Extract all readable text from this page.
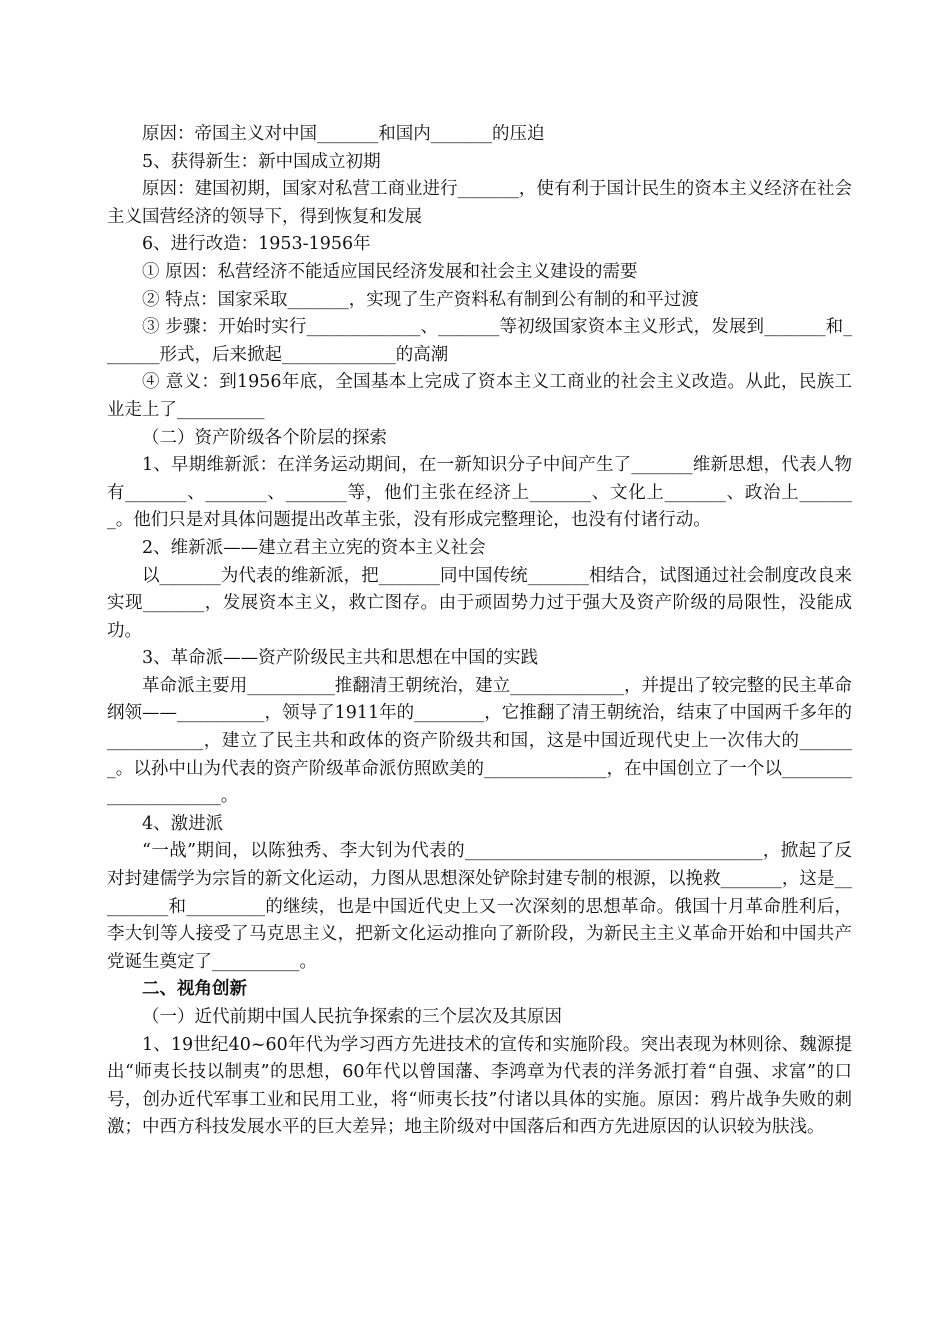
原因：帝国主义对中国_______和国内_______的压迫

5、获得新生：新中国成立初期

原因：建国初期，国家对私营工商业进行_______，使有利于国计民生的资本主义经济在社会主义国营经济的领导下，得到恢复和发展

6、进行改造：1953-1956年

① 原因：私营经济不能适应国民经济发展和社会主义建设的需要

② 特点：国家采取_______，实现了生产资料私有制到公有制的和平过渡

③ 步骤：开始时实行_____________、_______等初级国家资本主义形式，发展到_______和_______形式，后来掀起_____________的高潮

④ 意义：到1956年底，全国基本上完成了资本主义工商业的社会主义改造。从此，民族工业走上了__________

（二）资产阶级各个阶层的探索

1、早期维新派：在洋务运动期间，在一新知识分子中间产生了_______维新思想，代表人物有_______、_______、_______等，他们主张在经济上_______、文化上_______、政治上_______。他们只是对具体问题提出改革主张，没有形成完整理论，也没有付诸行动。

2、维新派——建立君主立宪的资本主义社会

以_______为代表的维新派，把_______同中国传统_______相结合，试图通过社会制度改良来实现_______，发展资本主义，救亡图存。由于顽固势力过于强大及资产阶级的局限性，没能成功。

3、革命派——资产阶级民主共和思想在中国的实践

革命派主要用__________推翻清王朝统治，建立_____________，并提出了较完整的民主革命纲领——__________，领导了1911年的________，它推翻了清王朝统治，结束了中国两千多年的___________，建立了民主共和政体的资产阶级共和国，这是中国近现代史上一次伟大的_______。以孙中山为代表的资产阶级革命派仿照欧美的______________，在中国创立了一个以_____________________。

4、激进派

“一战”期间，以陈独秀、李大钊为代表的__________________________________，掀起了反对封建儒学为宗旨的新文化运动，力图从思想深处铲除封建专制的根源，以挽救_______，这是_________和_________的继续，也是中国近代史上又一次深刻的思想革命。俄国十月革命胜利后，李大钊等人接受了马克思主义，把新文化运动推向了新阶段，为新民主主义革命开始和中国共产党诞生奠定了__________。

二、视角创新

（一）近代前期中国人民抗争探索的三个层次及其原因

1、19世纪40~60年代为学习西方先进技术的宣传和实施阶段。突出表现为林则徐、魏源提出“师夷长技以制夷”的思想，60年代以曾国藩、李鸿章为代表的洋务派打着“自强、求富”的口号，创办近代军事工业和民用工业，将“师夷长技”付诸以具体的实施。原因：鸦片战争失败的刺激；中西方科技发展水平的巨大差异；地主阶级对中国落后和西方先进原因的认识较为肤浅。
